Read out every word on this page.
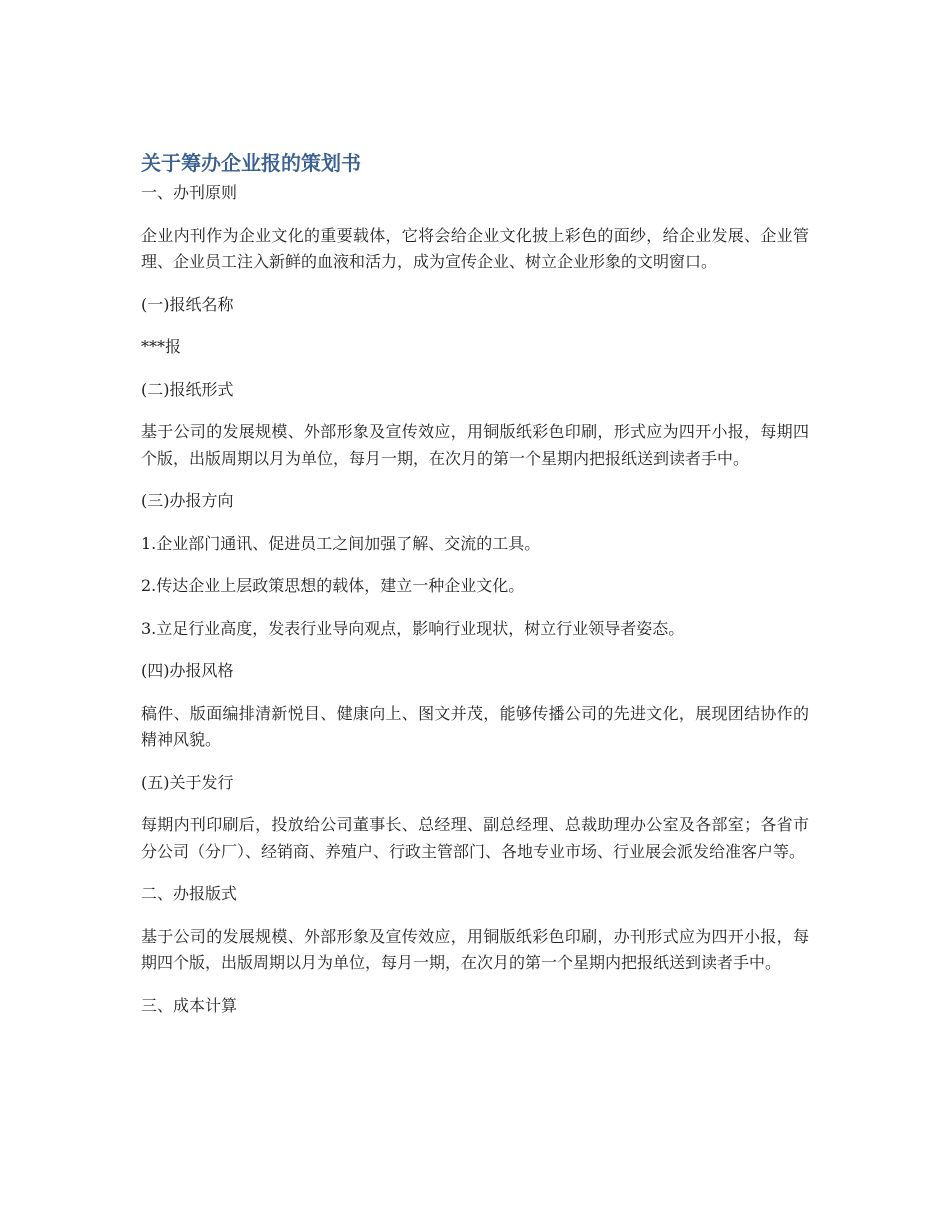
关于筹办企业报的策划书

一、办刊原则

企业内刊作为企业文化的重要载体，它将会给企业文化披上彩色的面纱，给企业发展、企业管理、企业员工注入新鲜的血液和活力，成为宣传企业、树立企业形象的文明窗口。

(一)报纸名称

***报

(二)报纸形式

基于公司的发展规模、外部形象及宣传效应，用铜版纸彩色印刷，形式应为四开小报，每期四个版，出版周期以月为单位，每月一期，在次月的第一个星期内把报纸送到读者手中。

(三)办报方向

1.企业部门通讯、促进员工之间加强了解、交流的工具。

2.传达企业上层政策思想的载体，建立一种企业文化。

3.立足行业高度，发表行业导向观点，影响行业现状，树立行业领导者姿态。

(四)办报风格

稿件、版面编排清新悦目、健康向上、图文并茂，能够传播公司的先进文化，展现团结协作的精神风貌。

(五)关于发行

每期内刊印刷后，投放给公司董事长、总经理、副总经理、总裁助理办公室及各部室；各省市分公司（分厂）、经销商、养殖户、行政主管部门、各地专业市场、行业展会派发给准客户等。

二、办报版式

基于公司的发展规模、外部形象及宣传效应，用铜版纸彩色印刷，办刊形式应为四开小报，每期四个版，出版周期以月为单位，每月一期，在次月的第一个星期内把报纸送到读者手中。

三、成本计算
